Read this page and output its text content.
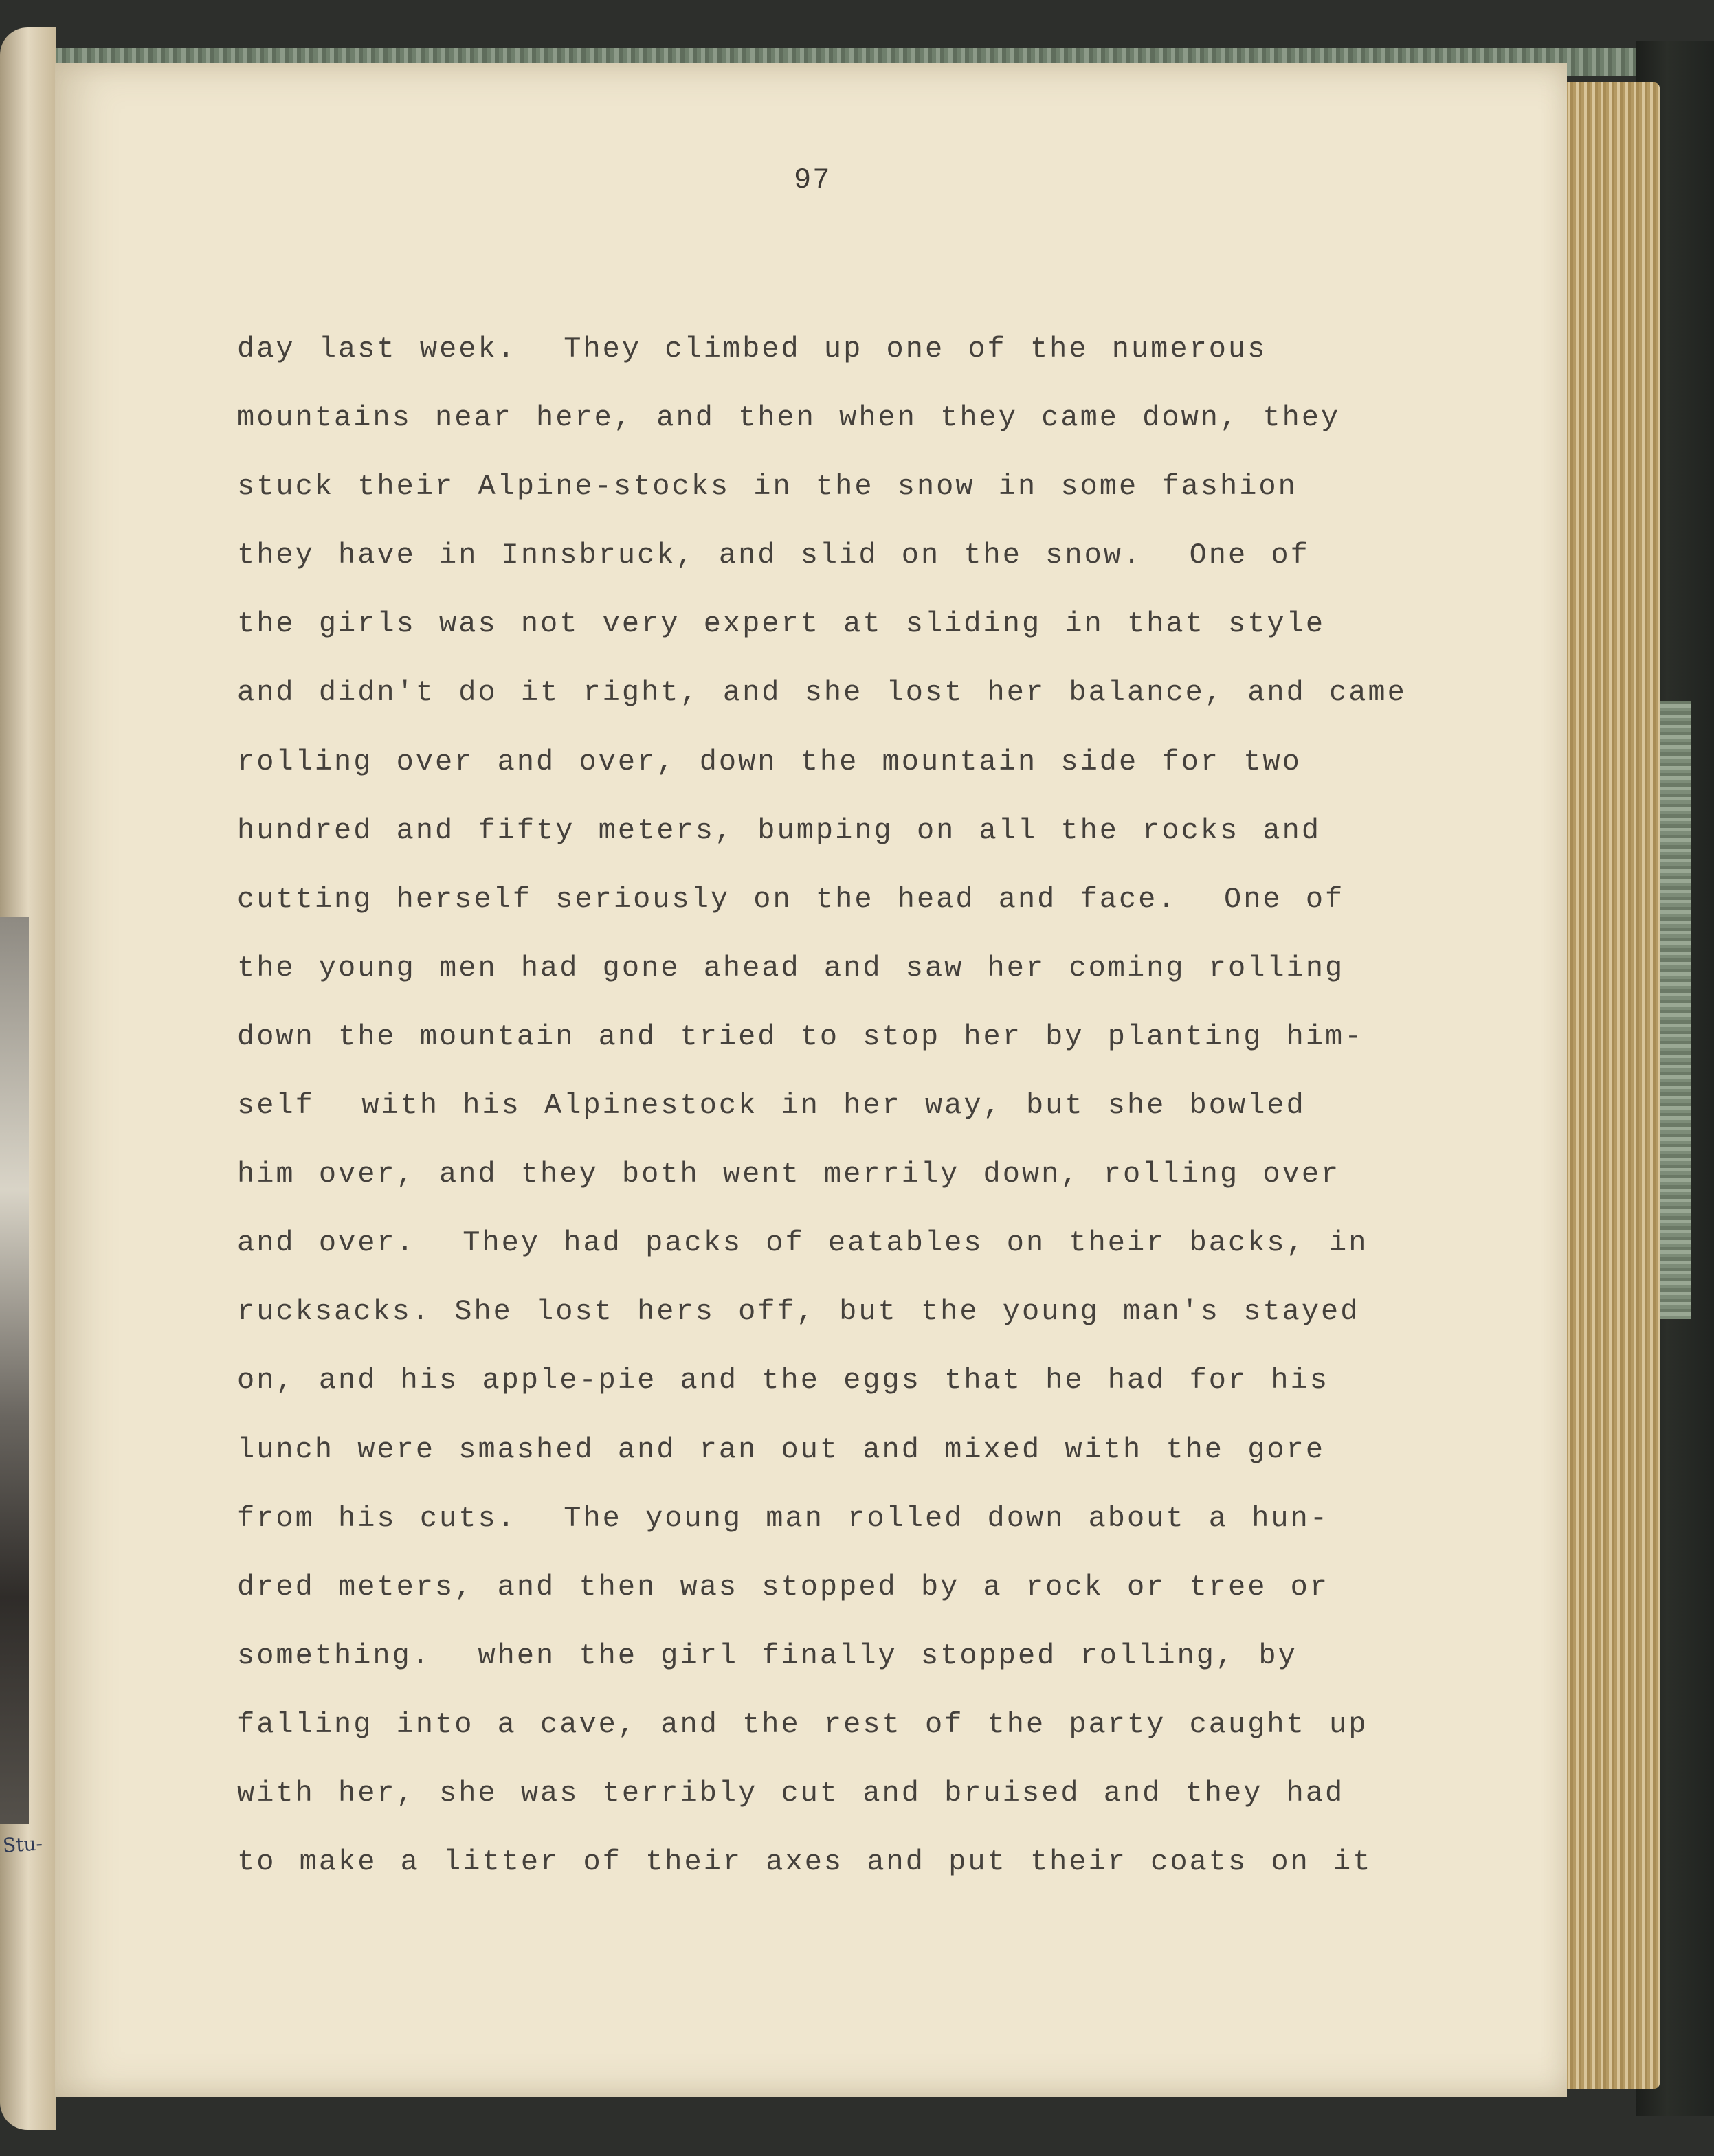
Stu-
97
day last week.  They climbed up one of the numerous
mountains near here, and then when they came down, they
stuck their Alpine-stocks in the snow in some fashion
they have in Innsbruck, and slid on the snow.  One of
the girls was not very expert at sliding in that style
and didn't do it right, and she lost her balance, and came
rolling over and over, down the mountain side for two
hundred and fifty meters, bumping on all the rocks and
cutting herself seriously on the head and face.  One of
the young men had gone ahead and saw her coming rolling
down the mountain and tried to stop her by planting him-
self  with his Alpinestock in her way, but she bowled
him over, and they both went merrily down, rolling over
and over.  They had packs of eatables on their backs, in
rucksacks. She lost hers off, but the young man's stayed
on, and his apple-pie and the eggs that he had for his
lunch were smashed and ran out and mixed with the gore
from his cuts.  The young man rolled down about a hun-
dred meters, and then was stopped by a rock or tree or
something.  when the girl finally stopped rolling, by
falling into a cave, and the rest of the party caught up
with her, she was terribly cut and bruised and they had
to make a litter of their axes and put their coats on it
